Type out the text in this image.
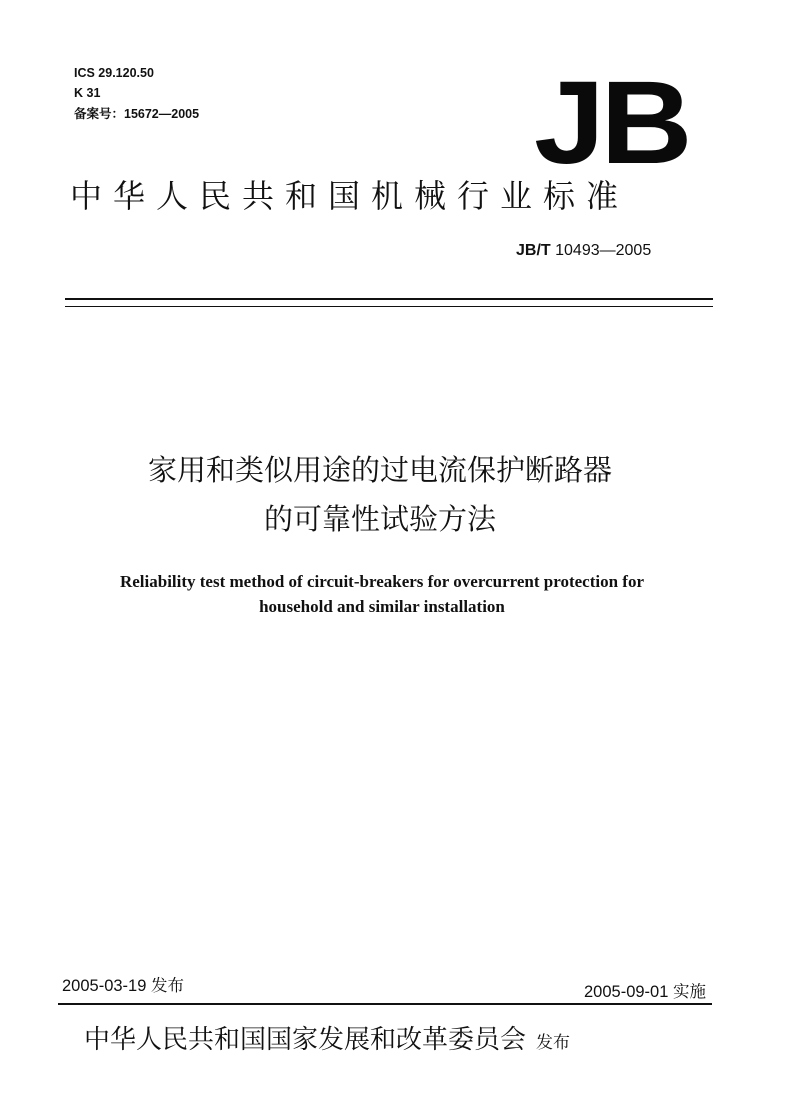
ICS 29.120.50
K 31
备案号：15672—2005	JB
中华人民共和国机械行业标准
JB/T 10493—2005
家用和类似用途的过电流保护断路器
的可靠性试验方法
Reliability test method of circuit-breakers for overcurrent protection for
household and similar installation
2005-03-19 发布	2005-09-01 实施
中华人民共和国国家发展和改革委员会 发布
